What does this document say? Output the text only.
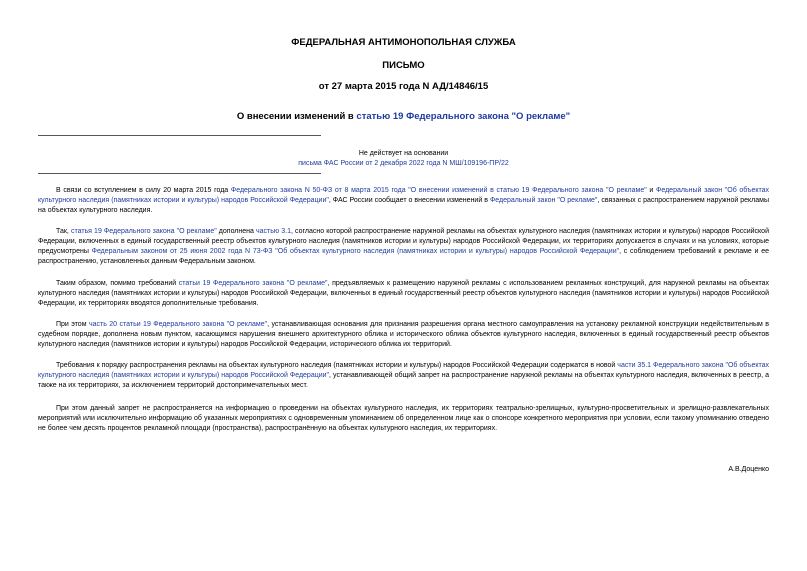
ФЕДЕРАЛЬНАЯ АНТИМОНОПОЛЬНАЯ СЛУЖБА
ПИСЬМО
от 27 марта 2015 года N АД/14846/15
О внесении изменений в статью 19 Федерального закона "О рекламе"
Не действует на основании
письма ФАС России от 2 декабря 2022 года N МШ/109196-ПР/22
В связи со вступлением в силу 20 марта 2015 года Федерального закона N 50-ФЗ от 8 марта 2015 года "О внесении изменений в статью 19 Федерального закона "О рекламе" и Федеральный закон "Об объектах культурного наследия (памятниках истории и культуры) народов Российской Федерации", ФАС России сообщает о внесении изменений в Федеральный закон "О рекламе", связанных с распространением наружной рекламы на объектах культурного наследия.
Так, статья 19 Федерального закона "О рекламе" дополнена частью 3.1, согласно которой распространение наружной рекламы на объектах культурного наследия (памятниках истории и культуры) народов Российской Федерации, включенных в единый государственный реестр объектов культурного наследия (памятников истории и культуры) народов Российской Федерации, их территориях допускается в случаях и на условиях, которые предусмотрены Федеральным законом от 25 июня 2002 года N 73-ФЗ "Об объектах культурного наследия (памятниках истории и культуры) народов Российской Федерации", с соблюдением требований к рекламе и ее распространению, установленных данным Федеральным законом.
Таким образом, помимо требований статьи 19 Федерального закона "О рекламе", предъявляемых к размещению наружной рекламы с использованием рекламных конструкций, для наружной рекламы на объектах культурного наследия (памятниках истории и культуры) народов Российской Федерации, включенных в единый государственный реестр объектов культурного наследия (памятников истории и культуры) народов Российской Федерации, их территориях вводятся дополнительные требования.
При этом часть 20 статьи 19 Федерального закона "О рекламе", устанавливающая основания для признания разрешения органа местного самоуправления на установку рекламной конструкции недействительным в судебном порядке, дополнена новым пунктом, касающимся нарушения внешнего архитектурного облика и исторического облика объектов культурного наследия, включенных в единый государственный реестр объектов культурного наследия (памятников истории и культуры) народов Российской Федерации, исторического облика их территорий.
Требования к порядку распространения рекламы на объектах культурного наследия (памятниках истории и культуры) народов Российской Федерации содержатся в новой части 35.1 Федерального закона "Об объектах культурного наследия (памятниках истории и культуры) народов Российской Федерации", устанавливающей общий запрет на распространение наружной рекламы на объектах культурного наследия, включенных в реестр, а также на их территориях, за исключением территорий достопримечательных мест.
При этом данный запрет не распространяется на информацию о проведении на объектах культурного наследия, их территориях театрально-зрелищных, культурно-просветительных и зрелищно-развлекательных мероприятий или исключительно информацию об указанных мероприятиях с одновременным упоминанием об определенном лице как о спонсоре конкретного мероприятия при условии, если такому упоминанию отведено не более чем десять процентов рекламной площади (пространства), распространённую на объектах культурного наследия, их территориях.
А.В.Доценко
